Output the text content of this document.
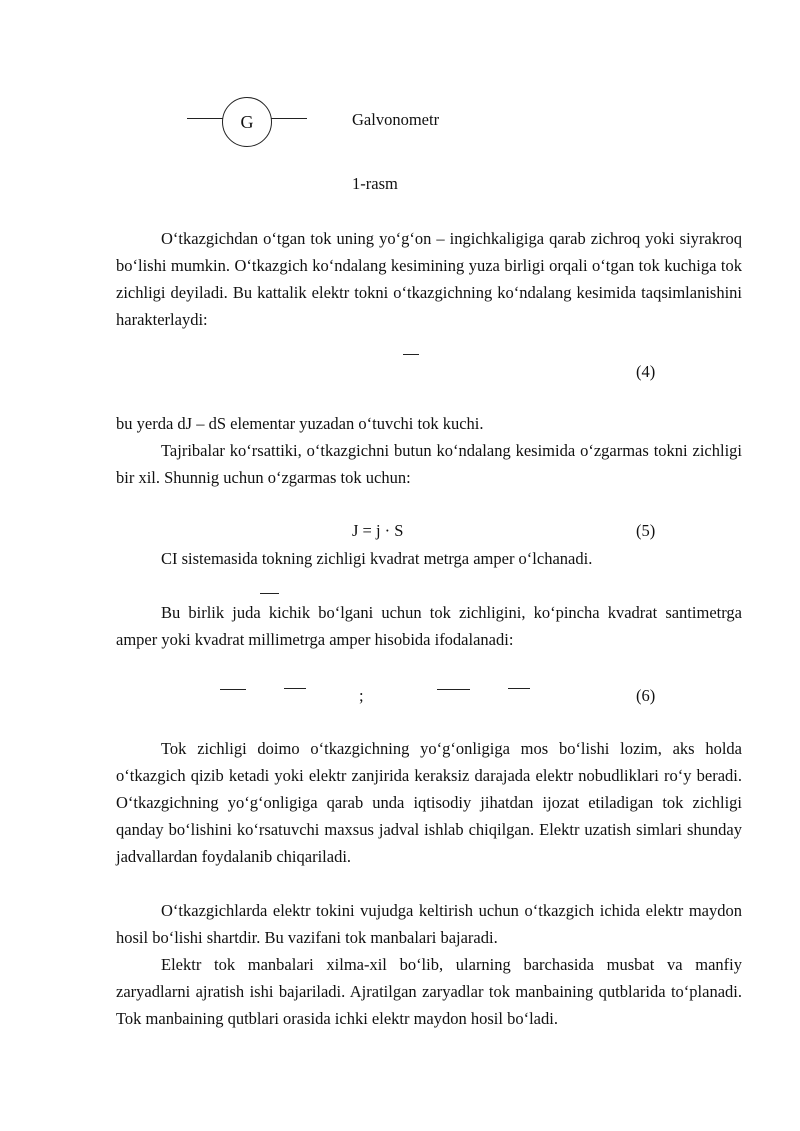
G	Galvonometr
1-rasm

O‘tkazgichdan o‘tgan tok uning yo‘g‘on – ingichkaligiga qarab zichroq yoki siyrakroq bo‘lishi mumkin. O‘tkazgich ko‘ndalang kesimining yuza birligi orqali o‘tgan tok kuchiga tok zichligi deyiladi. Bu kattalik elektr tokni o‘tkazgichning ko‘ndalang kesimida taqsimlanishini harakterlaydi:

(4)

bu yerda dJ – dS elementar yuzadan o‘tuvchi tok kuchi.

Tajribalar ko‘rsattiki, o‘tkazgichni butun ko‘ndalang kesimida o‘zgarmas tokni zichligi bir xil. Shunnig uchun o‘zgarmas tok uchun:

J = j · S	(5)

CI sistemasida tokning zichligi kvadrat metrga amper o‘lchanadi.

Bu birlik juda kichik bo‘lgani uchun tok zichligini, ko‘pincha kvadrat santimetrga amper yoki kvadrat millimetrga amper hisobida ifodalanadi:

;	(6)

Tok zichligi doimo o‘tkazgichning yo‘g‘onligiga mos bo‘lishi lozim, aks holda o‘tkazgich qizib ketadi yoki elektr zanjirida keraksiz darajada elektr nobudliklari ro‘y beradi. O‘tkazgichning yo‘g‘onligiga qarab unda iqtisodiy jihatdan ijozat etiladigan tok zichligi qanday bo‘lishini ko‘rsatuvchi maxsus jadval ishlab chiqilgan. Elektr uzatish simlari shunday jadvallardan foydalanib chiqariladi.

O‘tkazgichlarda elektr tokini vujudga keltirish uchun o‘tkazgich ichida elektr maydon hosil bo‘lishi shartdir. Bu vazifani tok manbalari bajaradi.

Elektr tok manbalari xilma-xil bo‘lib, ularning barchasida musbat va manfiy zaryadlarni ajratish ishi bajariladi. Ajratilgan zaryadlar tok manbaining qutblarida to‘planadi. Tok manbaining qutblari orasida ichki elektr maydon hosil bo‘ladi.
